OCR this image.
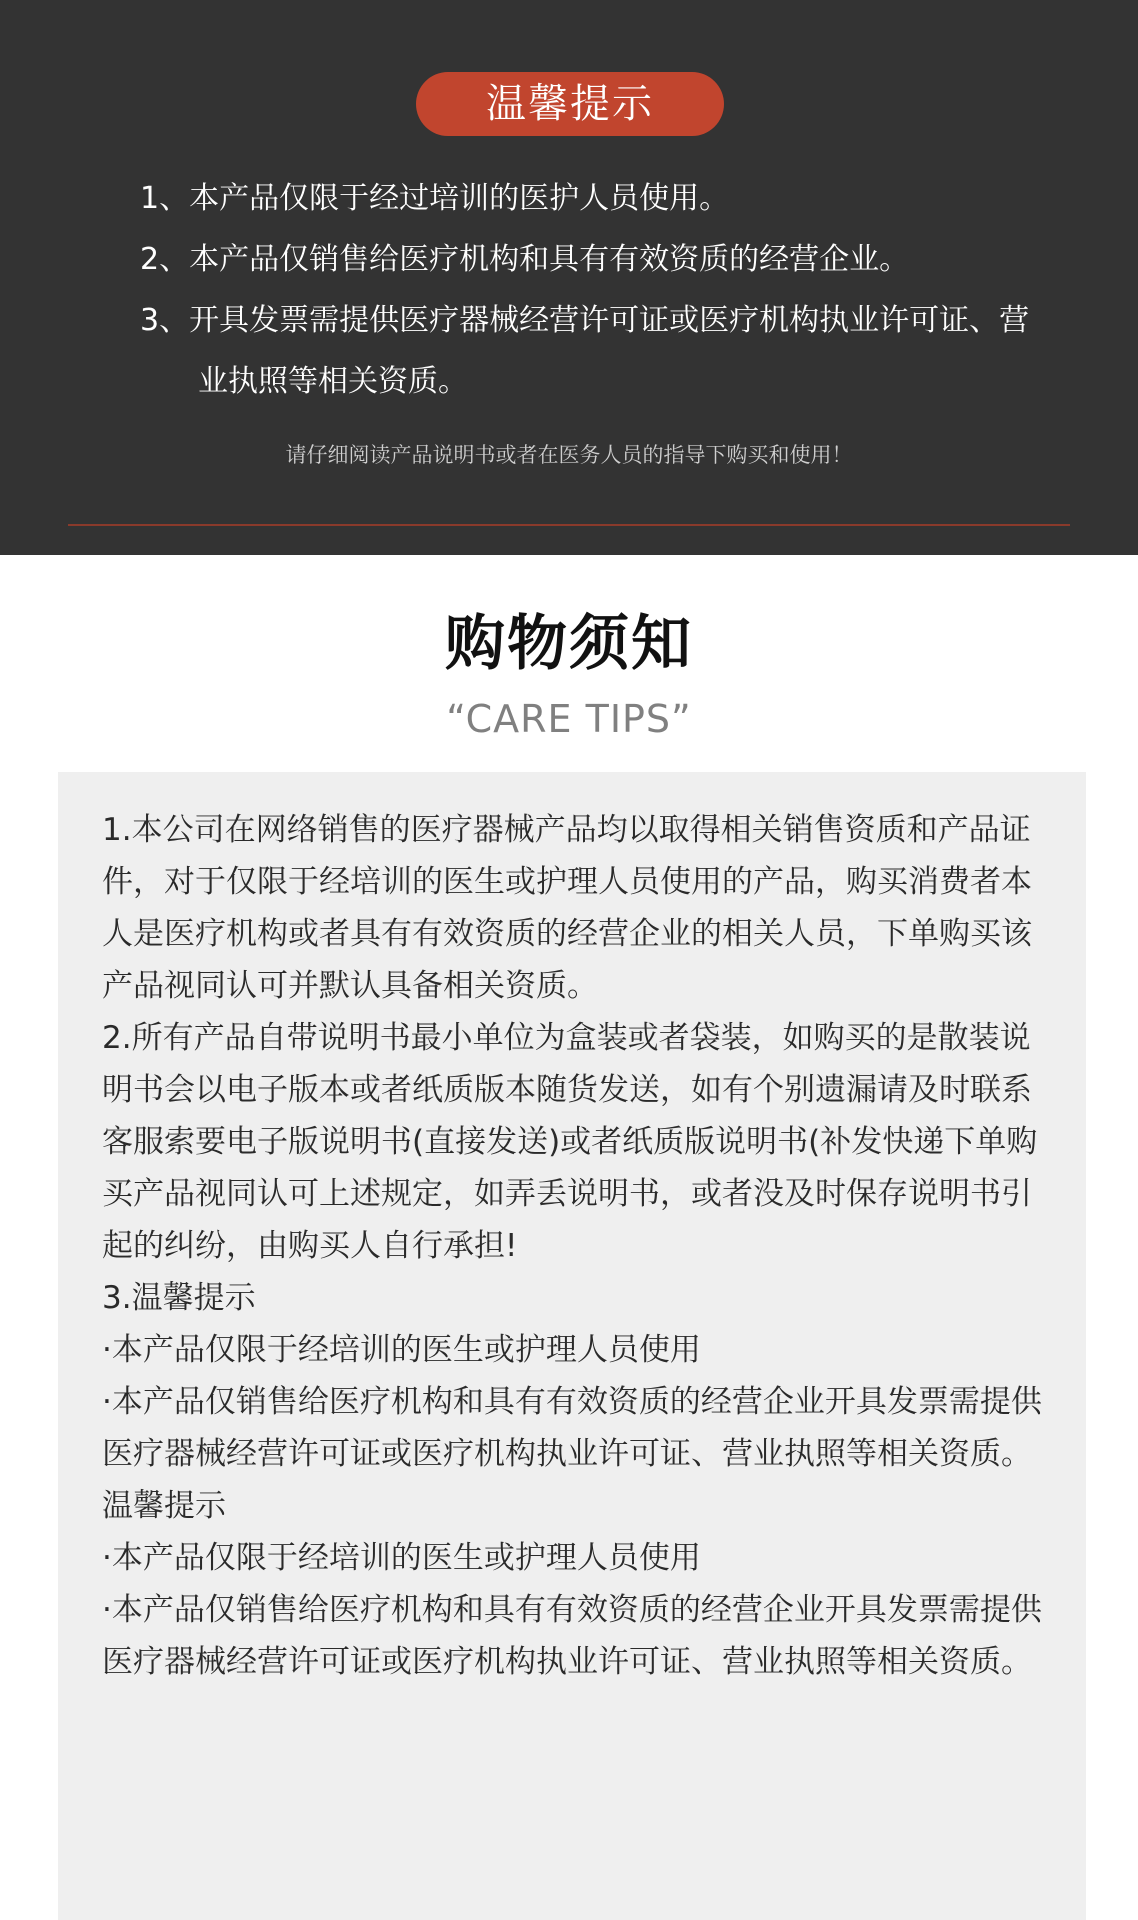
温馨提示
1、本产品仅限于经过培训的医护人员使用。
2、本产品仅销售给医疗机构和具有有效资质的经营企业。
3、开具发票需提供医疗器械经营许可证或医疗机构执业许可证、营业执照等相关资质。
请仔细阅读产品说明书或者在医务人员的指导下购买和使用！
购物须知
“CARE TIPS”

1.本公司在网络销售的医疗器械产品均以取得相关销售资质和产品证件，对于仅限于经培训的医生或护理人员使用的产品，购买消费者本人是医疗机构或者具有有效资质的经营企业的相关人员，下单购买该产品视同认可并默认具备相关资质。

2.所有产品自带说明书最小单位为盒装或者袋装，如购买的是散装说明书会以电子版本或者纸质版本随货发送，如有个别遗漏请及时联系客服索要电子版说明书(直接发送)或者纸质版说明书(补发快递下单购买产品视同认可上述规定，如弄丢说明书，或者没及时保存说明书引起的纠纷，由购买人自行承担!

3.温馨提示

·本产品仅限于经培训的医生或护理人员使用

·本产品仅销售给医疗机构和具有有效资质的经营企业开具发票需提供医疗器械经营许可证或医疗机构执业许可证、营业执照等相关资质。温馨提示

·本产品仅限于经培训的医生或护理人员使用

·本产品仅销售给医疗机构和具有有效资质的经营企业开具发票需提供医疗器械经营许可证或医疗机构执业许可证、营业执照等相关资质。
